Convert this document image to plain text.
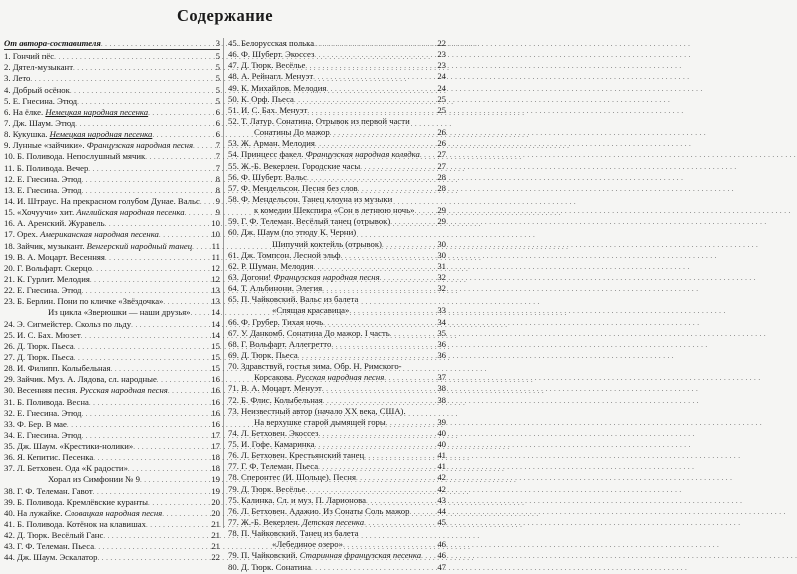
Содержание
От автора-составителя . . .	3
1. Гончий пёс . . .	5
2. Дятел-музыкант . . .	5
3. Лето . . .	5
4. Добрый осёнок . . .	5
5. Е. Гнесина. Этюд . . .	5
6. На ёлке. Немецкая народная песенка . . .	6
7. Дж. Шаум. Этюд . . .	6
8. Кукушка. Немецкая народная песенка . . .	6
9. Лунные «зайчики». Французская народная песня . . .	7
10. Б. Поливода. Непослушный мячик . . .	7
11. Б. Поливода. Вечер . . .	7
12. Е. Гнесина. Этюд . . .	8
13. Е. Гнесина. Этюд . . .	8
14. И. Штраус. На прекрасном голубом Дунае. Вальс . . . 9
15. «Хочуучи» хит. Английская народная песенка . . .	9
16. А. Аренский. Журавель . . .	10
17. Орех. Американская народная песенка . . .	10
18. Зайчик, музыкант. Венгерский народный танец . . . 11
19. В. А. Моцарт. Весенняя . . .	11
20. Г. Вольфарт. Скерцо . . .	12
21. К. Гурлит. Мелодия . . .	12
22. Е. Гнесина. Этюд . . .	13
23. Б. Берлин. Пони по кличке «Звёздочка» . . .	13
Из цикла «Зверюшки — наши друзья» . . . 14
24. Э. Сигмейстер. Скольз по льду . . .	14
25. И. С. Бах. Мюзет . . .	14
26. Д. Тюрк. Пьеса . . .	15
27. Д. Тюрк. Пьеса . . .	15
28. И. Филипп. Колыбельная . . .	15
29. Зайчик. Муз. А. Лядова, сл. народные . . .	16
30. Весенняя песня. Русская народная песня . . .	16
31. Б. Поливода. Весна . . .	16
32. Е. Гнесина. Этюд . . .	16
33. Ф. Бер. В мае . . .	16
34. Е. Гнесина. Этюд . . .	17
35. Дж. Шаум. «Крестики-нолики» . . .	17
36. Я. Кепитис. Песенка . . .	18
37. Л. Бетховен. Ода «К радости» . . .	18
Хорал из Симфонии № 9 . . .	19
38. Г. Ф. Телеман. Гавот . . .	19
39. Б. Поливода. Кремлёвские куранты . . .	20
40. На лужайке. Словацкая народная песня . . .	20
41. Б. Поливода. Котёнок на клавишах . . .	21
42. Д. Тюрк. Весёлый Ганс . . .	21
43. Г. Ф. Телеман. Пьеса . . .	21
44. Дж. Шаум. Эскалатор . . .	22
45. Белорусская полька . . .	22
46. Ф. Шуберт. Экоссез . . .	23
47. Д. Тюрк. Весёлье . . .	23
48. А. Рейнагл. Менуэт . . .	24
49. К. Михайлов. Мелодия . . .	24
50. К. Орф. Пьеса . . .	25
51. И. С. Бах. Менуэт . . .	25
52. Т. Латур. Сонатина. Отрывок из первой части
Сонатины До мажор . . .	26
53. Ж. Арман. Мелодия . . .	26
54. Принцесс факел. Французская народная колядка . . . 27
55. Ж.-Б. Векерлен. Городские часы . . .	27
56. Ф. Шуберт. Вальс . . .	28
57. Ф. Мендельсон. Песня без слов . . .	28
58. Ф. Мендельсон. Танец клоуна из музыки
к комедии Шекспира «Сон в летнюю ночь» . . .	29
59. Г. Ф. Телеман. Весёлый танец (отрывок) . . .	29
60. Дж. Шаум (по этюду К. Черни)
Шипучий коктейль (отрывок) . . .	30
61. Дж. Томпсон. Лесной эльф . . .	30
62. Р. Шуман. Мелодия . . .	31
63. Догони! Французская народная песня . . .	32
64. Т. Альбинони. Элегия . . .	32
65. П. Чайковский. Вальс из балета
«Спящая красавица» . . .	33
66. Ф. Грубер. Тихая ночь . . .	34
67. У. Данкомб. Сонатина До мажор. I часть . . .	35
68. Г. Вольфарт. Аллегретто . . .	36
69. Д. Тюрк. Пьеса . . .	36
70. Здравствуй, гостья зима. Обр. Н. Римского-
Корсакова. Русская народная песня . . .	37
71. В. А. Моцарт. Менуэт . . .	38
72. Б. Флис. Колыбельная . . .	38
73. Неизвестный автор (начало XX века, США).
На верхушке старой дымящей горы . . .	39
74. Л. Бетховен. Экоссез . . .	40
75. И. Гофе. Камаринка . . .	40
76. Л. Бетховен. Крестьянский танец . . .	41
77. Г. Ф. Телеман. Пьеса . . .	41
78. Сперонтес (И. Шольце). Песня . . .	42
79. Д. Тюрк. Весёлье . . .	42
75. Калинка. Сл. и муз. П. Ларионова . . .	43
76. Л. Бетховен. Адажио. Из Сонаты Соль мажор . . .	44
77. Ж.-Б. Векерлен. Детская песенка . . .	45
78. П. Чайковский. Танец из балета
«Лебединое озеро» . . .	46
79. П. Чайковский. Старинная французская песенка . . . 46
80. Д. Тюрк. Сонатина . . .	47
